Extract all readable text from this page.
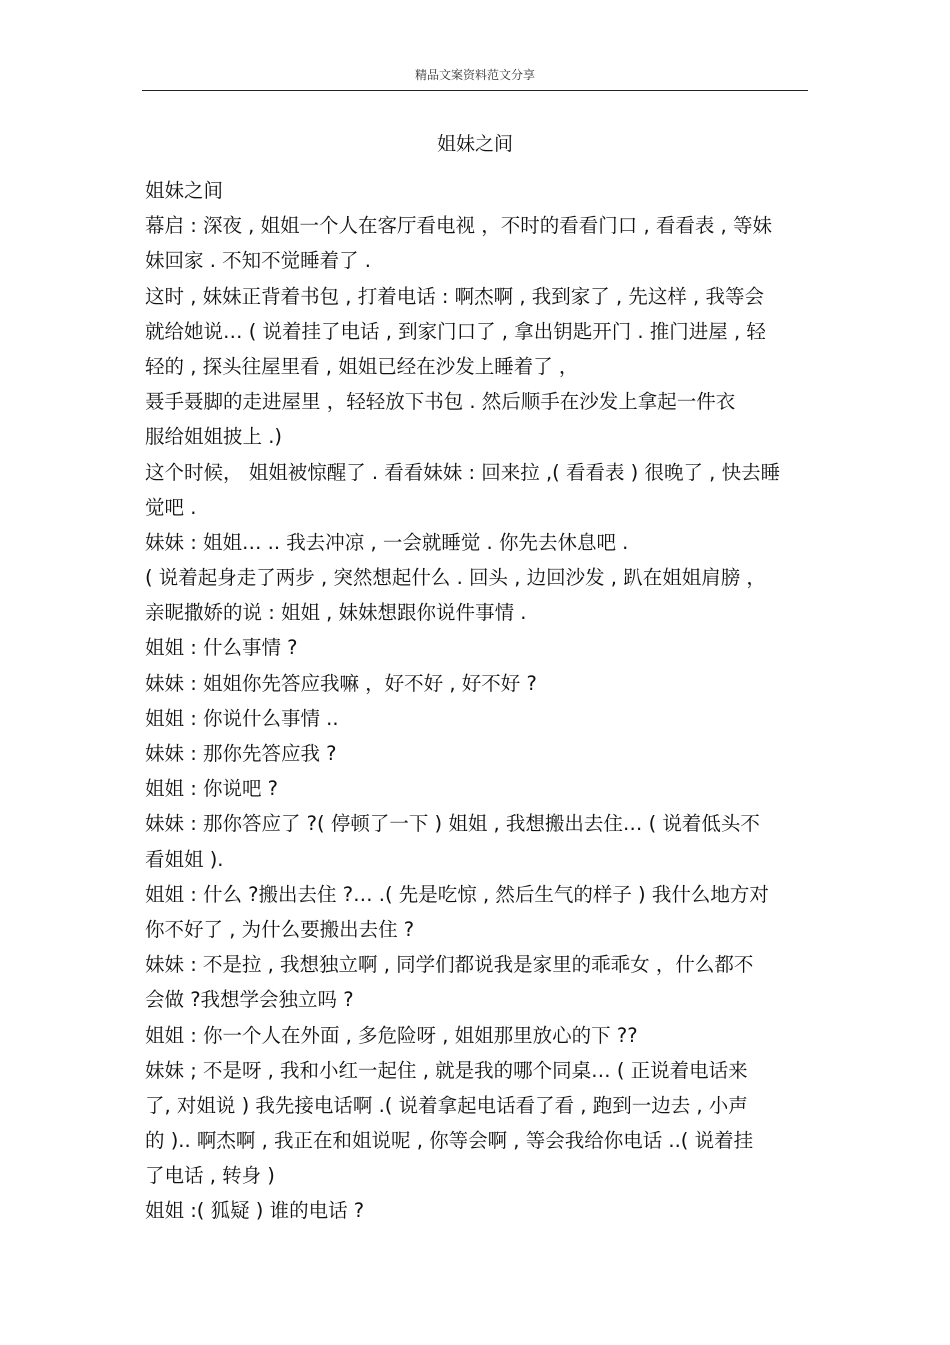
精品文案资料范文分享
姐妹之间
姐妹之间
幕启 : 深夜 , 姐姐一个人在客厅看电视 ，不时的看看门口 , 看看表 , 等妹
妹回家 . 不知不觉睡着了 .
这时 , 妹妹正背着书包 , 打着电话 : 啊杰啊 , 我到家了 , 先这样 , 我等会
就给她说… ( 说着挂了电话 , 到家门口了 , 拿出钥匙开门 . 推门进屋 , 轻
轻的 , 探头往屋里看 , 姐姐已经在沙发上睡着了 ，
聂手聂脚的走进屋里 ，轻轻放下书包 . 然后顺手在沙发上拿起一件衣
服给姐姐披上 .)
这个时候， 姐姐被惊醒了 . 看看妹妹 : 回来拉 ,( 看看表 ) 很晚了 , 快去睡
觉吧 .
妹妹 : 姐姐… .. 我去冲凉 , 一会就睡觉 . 你先去休息吧 .
( 说着起身走了两步 , 突然想起什么 . 回头 , 边回沙发 , 趴在姐姐肩膀 ，
亲昵撒娇的说 : 姐姐 , 妹妹想跟你说件事情 .
姐姐 : 什么事情 ?
妹妹 : 姐姐你先答应我嘛 ，好不好 , 好不好 ?
姐姐 : 你说什么事情 ..
妹妹 : 那你先答应我 ?
姐姐 : 你说吧 ?
妹妹 : 那你答应了 ?( 停顿了一下 ) 姐姐 , 我想搬出去住… ( 说着低头不
看姐姐 ).
姐姐 : 什么 ?搬出去住 ?… .( 先是吃惊 , 然后生气的样子 ) 我什么地方对
你不好了 , 为什么要搬出去住 ?
妹妹 : 不是拉 , 我想独立啊 , 同学们都说我是家里的乖乖女 ，什么都不
会做 ?我想学会独立吗 ?
姐姐 : 你一个人在外面 , 多危险呀 , 姐姐那里放心的下 ??
妹妹 ; 不是呀 , 我和小红一起住 , 就是我的哪个同桌… ( 正说着电话来
了, 对姐说 ) 我先接电话啊 .( 说着拿起电话看了看 , 跑到一边去 , 小声
的 ).. 啊杰啊 , 我正在和姐说呢 , 你等会啊 , 等会我给你电话 ..( 说着挂
了电话 , 转身 )
姐姐 :( 狐疑 ) 谁的电话 ?
